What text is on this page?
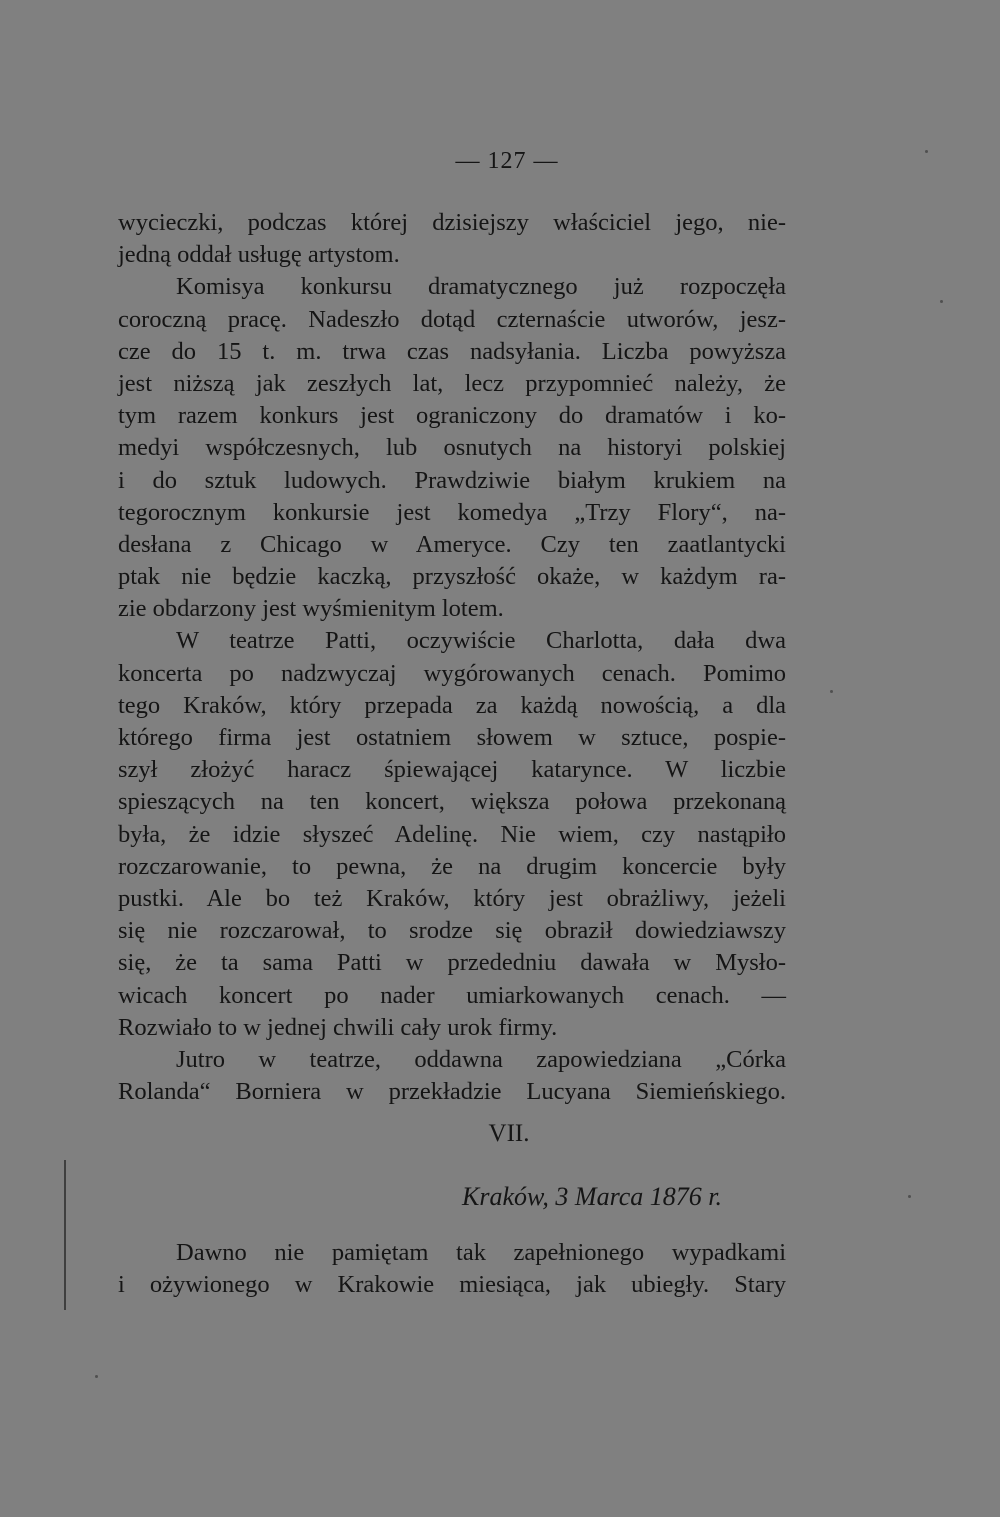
— 127 —
wycieczki, podczas której dzisiejszy właściciel jego, nie-
jedną oddał usługę artystom.
Komisya konkursu dramatycznego już rozpoczęła
coroczną pracę. Nadeszło dotąd czternaście utworów, jesz-
cze do 15 t. m. trwa czas nadsyłania. Liczba powyższa
jest niższą jak zeszłych lat, lecz przypomnieć należy, że
tym razem konkurs jest ograniczony do dramatów i ko-
medyi współczesnych, lub osnutych na historyi polskiej
i do sztuk ludowych. Prawdziwie białym krukiem na
tegorocznym konkursie jest komedya „Trzy Flory“, na-
desłana z Chicago w Ameryce. Czy ten zaatlantycki
ptak nie będzie kaczką, przyszłość okaże, w każdym ra-
zie obdarzony jest wyśmienitym lotem.
W teatrze Patti, oczywiście Charlotta, dała dwa
koncerta po nadzwyczaj wygórowanych cenach. Pomimo
tego Kraków, który przepada za każdą nowością, a dla
którego firma jest ostatniem słowem w sztuce, pospie-
szył złożyć haracz śpiewającej katarynce. W liczbie
spieszących na ten koncert, większa połowa przekonaną
była, że idzie słyszeć Adelinę. Nie wiem, czy nastąpiło
rozczarowanie, to pewna, że na drugim koncercie były
pustki. Ale bo też Kraków, który jest obrażliwy, jeżeli
się nie rozczarował, to srodze się obraził dowiedziawszy
się, że ta sama Patti w przededniu dawała w Mysło-
wicach koncert po nader umiarkowanych cenach. —
Rozwiało to w jednej chwili cały urok firmy.
Jutro w teatrze, oddawna zapowiedziana „Córka
Rolanda“ Borniera w przekładzie Lucyana Siemieńskiego.
VII.
Kraków, 3 Marca 1876 r.
Dawno nie pamiętam tak zapełnionego wypadkami
i ożywionego w Krakowie miesiąca, jak ubiegły. Stary
